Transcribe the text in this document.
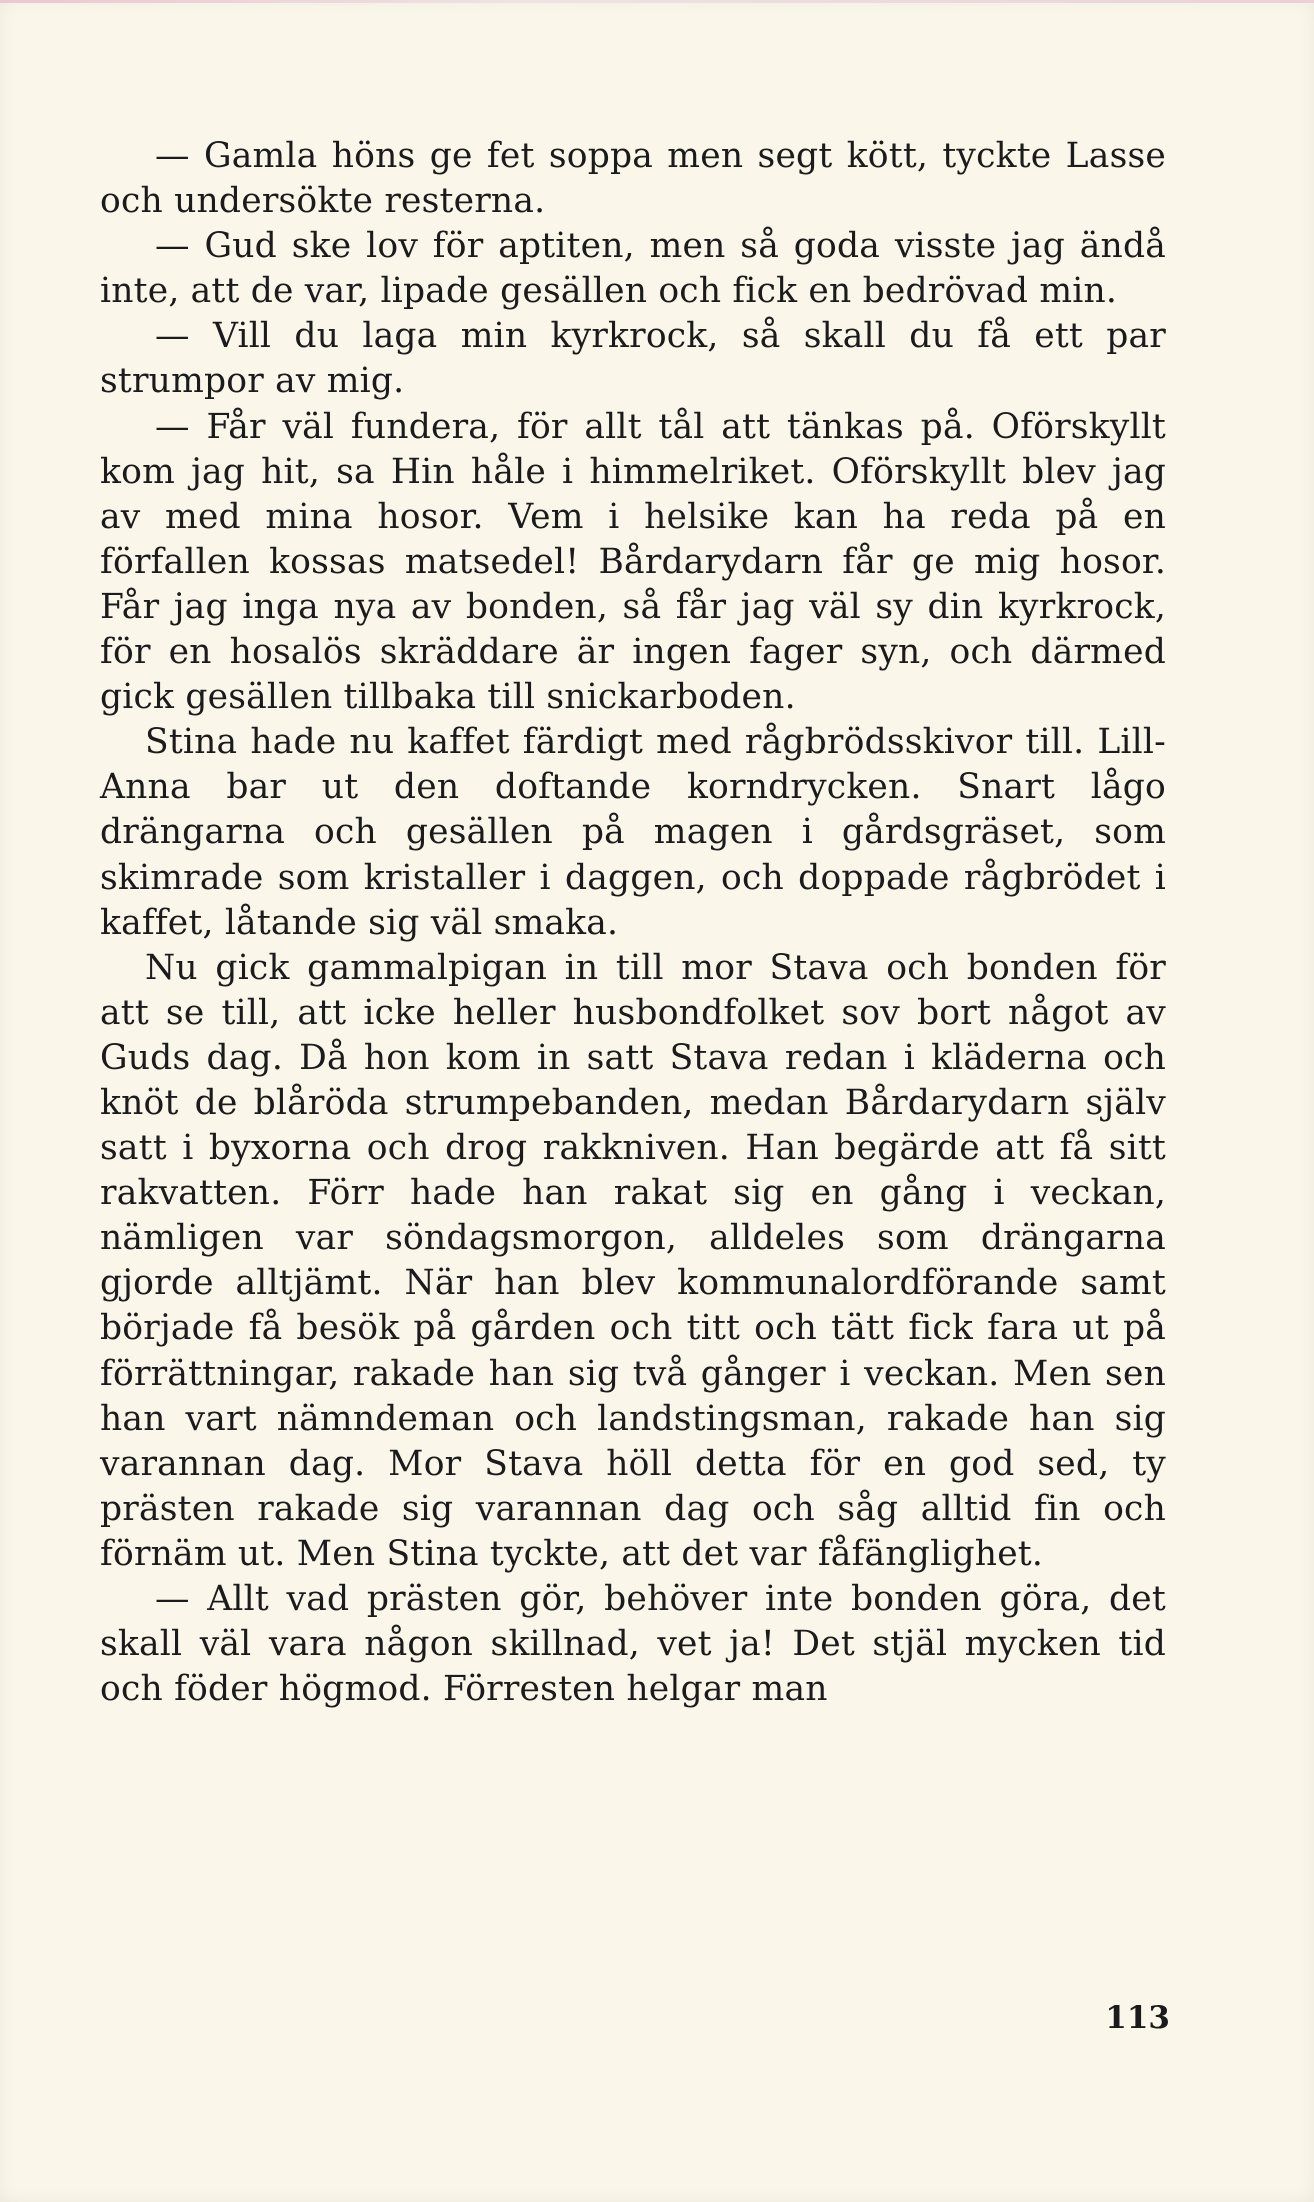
— Gamla höns ge fet soppa men segt kött, tyckte Lasse och undersökte resterna.

— Gud ske lov för aptiten, men så goda visste jag ändå inte, att de var, lipade gesällen och fick en bedrövad min.

— Vill du laga min kyrkrock, så skall du få ett par strumpor av mig.

— Får väl fundera, för allt tål att tänkas på. Oförskyllt kom jag hit, sa Hin håle i himmelriket. Oförskyllt blev jag av med mina hosor. Vem i helsike kan ha reda på en förfallen kossas matsedel! Bårdarydarn får ge mig hosor. Får jag inga nya av bonden, så får jag väl sy din kyrkrock, för en hosalös skräddare är ingen fager syn, och därmed gick gesällen tillbaka till snickarboden.

Stina hade nu kaffet färdigt med rågbrödsskivor till. Lill-Anna bar ut den doftande korndrycken. Snart lågo drängarna och gesällen på magen i gårdsgräset, som skimrade som kristaller i daggen, och doppade rågbrödet i kaffet, låtande sig väl smaka.

Nu gick gammalpigan in till mor Stava och bonden för att se till, att icke heller husbondfolket sov bort något av Guds dag. Då hon kom in satt Stava redan i kläderna och knöt de blåröda strumpebanden, medan Bårdarydarn själv satt i byxorna och drog rakkniven. Han begärde att få sitt rakvatten. Förr hade han rakat sig en gång i veckan, nämligen var söndagsmorgon, alldeles som drängarna gjorde alltjämt. När han blev kommunalordförande samt började få besök på gården och titt och tätt fick fara ut på förrättningar, rakade han sig två gånger i veckan. Men sen han vart nämndeman och landstingsman, rakade han sig varannan dag. Mor Stava höll detta för en god sed, ty prästen rakade sig varannan dag och såg alltid fin och förnäm ut. Men Stina tyckte, att det var fåfänglighet.

— Allt vad prästen gör, behöver inte bonden göra, det skall väl vara någon skillnad, vet ja! Det stjäl mycken tid och föder högmod. Förresten helgar man

113
